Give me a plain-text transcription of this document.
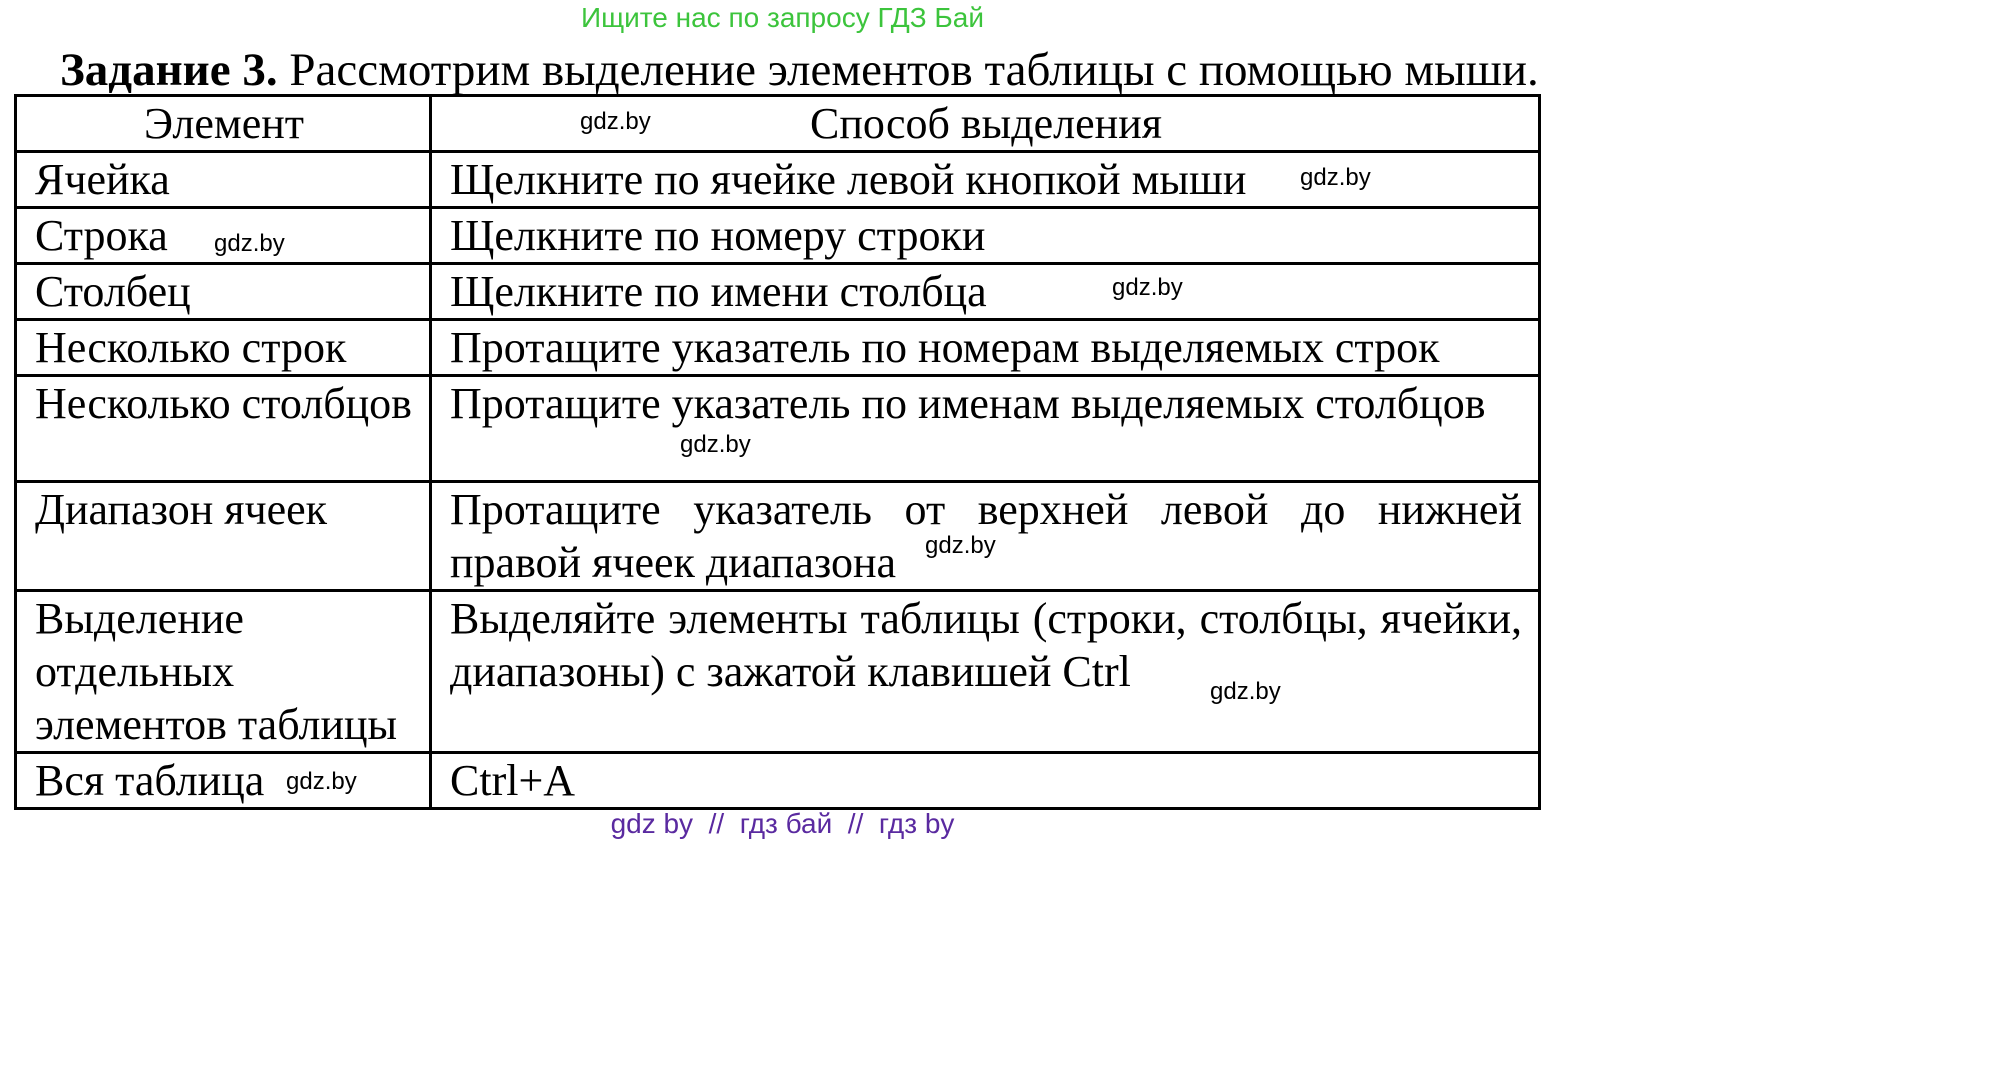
Ищите нас по запросу ГДЗ Бай
Задание 3. Рассмотрим выделение элементов таблицы с помощью мыши.
Элемент	Способ выделения
Ячейка	Щелкните по ячейке левой кнопкой мыши
Строка	Щелкните по номеру строки
Столбец	Щелкните по имени столбца
Несколько строк	Протащите указатель по номерам выделяемых строк
Несколько столбцов	Протащите указатель по именам выделяемых столбцов
Диапазон ячеек	Протащите указатель от верхней левой до нижней правой ячеек диапазона
Выделение отдельных элементов таблицы	Выделяйте элементы таблицы (строки, столбцы, ячейки, диапазоны) с зажатой клавишей Ctrl
Вся таблица	Ctrl+A
gdz.by
gdz.by
gdz.by
gdz.by
gdz.by
gdz.by
gdz.by
gdz.by
gdz by  //  гдз бай  //  гдз by
